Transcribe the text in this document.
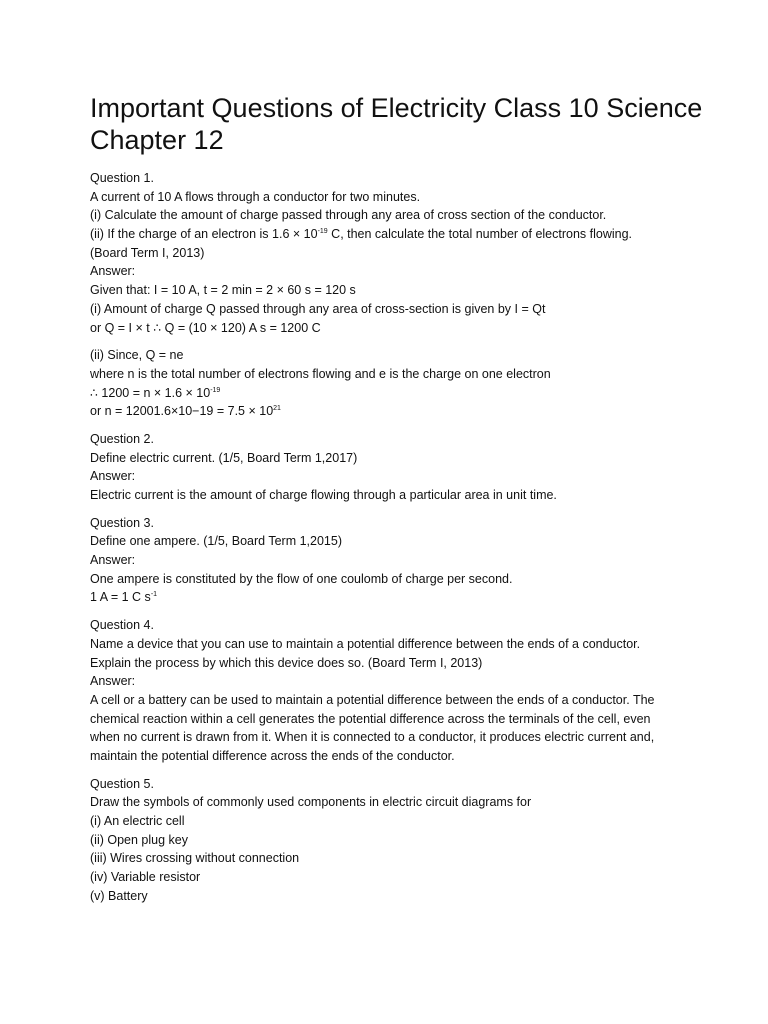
Important Questions of Electricity Class 10 Science Chapter 12
Question 1.
A current of 10 A flows through a conductor for two minutes.
(i) Calculate the amount of charge passed through any area of cross section of the conductor.
(ii) If the charge of an electron is $1.6 \times 10^{-19}$ C, then calculate the total number of electrons flowing.
(Board Term I, 2013)
Answer:
Given that: I = 10 A, t = 2 min = 2 × 60 s = 120 s
(i) Amount of charge Q passed through any area of cross-section is given by I = Qt
or Q = I × t ∴ Q = (10 × 120) A s = 1200 C
(ii) Since, Q = ne
where n is the total number of electrons flowing and e is the charge on one electron
∴ $1200 = n \times 1.6 \times 10^{-19}$
or $n = 12001.6\times 10-19 = 7.5 \times 10^{21}$
Question 2.
Define electric current. (1/5, Board Term 1,2017)
Answer:
Electric current is the amount of charge flowing through a particular area in unit time.
Question 3.
Define one ampere. (1/5, Board Term 1,2015)
Answer:
One ampere is constituted by the flow of one coulomb of charge per second.
1 A = 1 C $s^{-1}$
Question 4.
Name a device that you can use to maintain a potential difference between the ends of a conductor.
Explain the process by which this device does so. (Board Term I, 2013)
Answer:
A cell or a battery can be used to maintain a potential difference between the ends of a conductor. The
chemical reaction within a cell generates the potential difference across the terminals of the cell, even
when no current is drawn from it. When it is connected to a conductor, it produces electric current and,
maintain the potential difference across the ends of the conductor.
Question 5.
Draw the symbols of commonly used components in electric circuit diagrams for
(i) An electric cell
(ii) Open plug key
(iii) Wires crossing without connection
(iv) Variable resistor
(v) Battery
